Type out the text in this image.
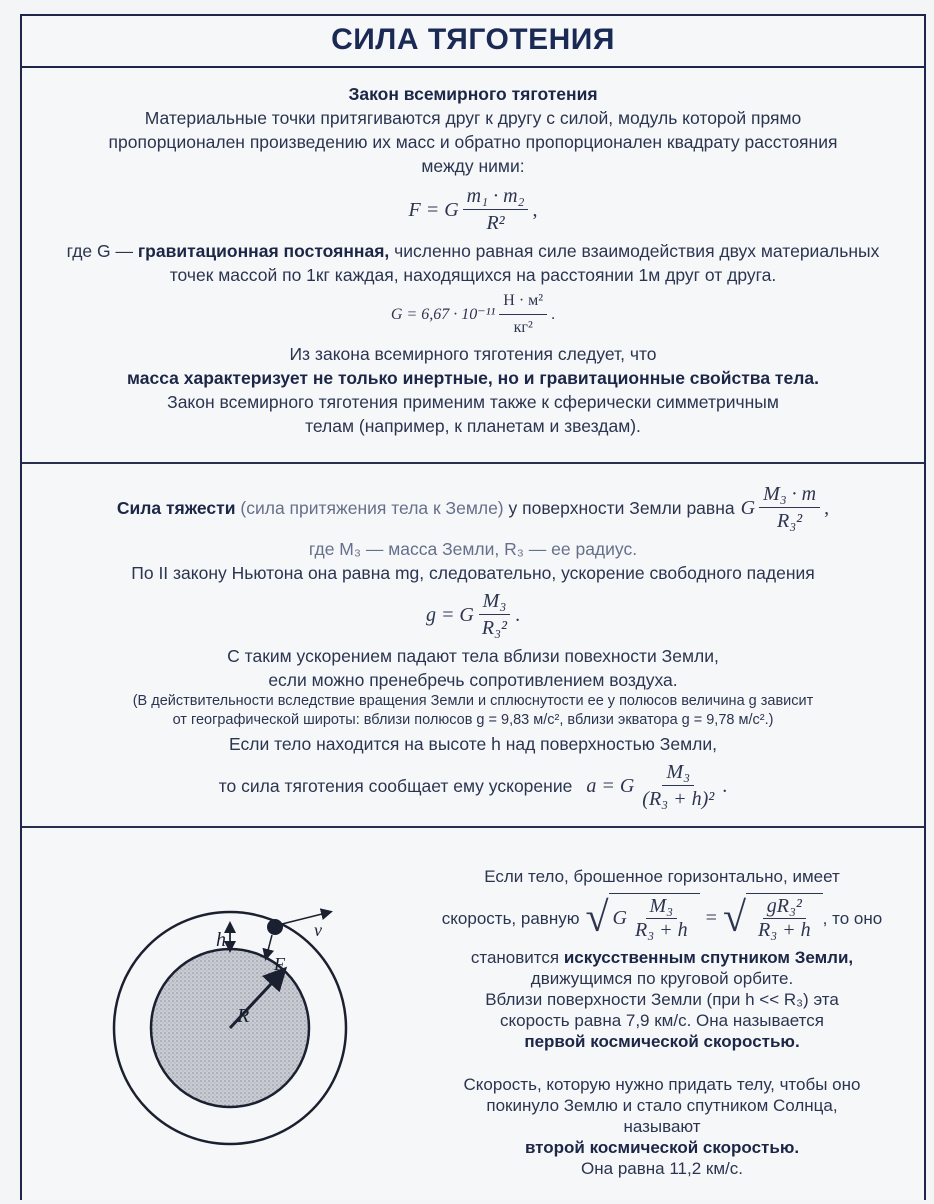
СИЛА ТЯГОТЕНИЯ
Закон всемирного тяготения
Материальные точки притягиваются друг к другу с силой, модуль которой прямо пропорционален произведению их масс и обратно пропорционален квадрату расстояния между ними:
F = G $\frac{\text{m₁ · m₂}}{\text{R²}}$ ,
где G — гравитационная постоянная, численно равная силе взаимодействия двух материальных точек массой по 1кг каждая, находящихся на расстоянии 1м друг от друга.
$G = 6,67 \cdot 10^{-11} \frac{\text{Н · м²}}{\text{кг²}}$ .
Из закона всемирного тяготения следует, что
масса характеризует не только инертные, но и гравитационные свойства тела.
Закон всемирного тяготения применим также к сферически симметричным телам (например, к планетам и звездам).
Сила тяжести
(сила притяжения тела к Земле)
у поверхности Земли равна G $\frac{\text{M₃ · m}}{\text{R₃²}}$ ,
где M₃ — масса Земли, R₃ — ее радиус.
По II закону Ньютона она равна mg, следовательно, ускорение свободного падения
g = G $\frac{\text{M₃}}{\text{R₃²}}$ .
С таким ускорением падают тела вблизи повехности Земли,
если можно пренебречь сопротивлением воздуха.
(В действительности вследствие вращения Земли и сплюснутости ее у полюсов величина g зависит
от географической широты: вблизи полюсов g = 9,83 м/с², вблизи экватора g = 9,78 м/с².)
Если тело находится на высоте h над поверхностью Земли,
то сила тяготения сообщает ему ускорение a = G $\frac{\text{M₃}}{\text{(R₃ + h)²}}$ .
R
h	v
F
Если тело, брошенное горизонтально, имеет
скорость, равную √ G $\frac{\text{M₃}}{\text{R₃ + h}}$ = √ $\frac{\text{gR₃²}}{\text{R₃ + h}}$ , то оно
становится искусственным спутником Земли,
движущимся по круговой орбите.
Вблизи поверхности Земли (при h << R₃) эта
скорость равна 7,9 км/с. Она называется
первой космической скоростью.
Скорость, которую нужно придать телу, чтобы оно
покинуло Землю и стало спутником Солнца,
называют
второй космической скоростью.
Она равна 11,2 км/с.
